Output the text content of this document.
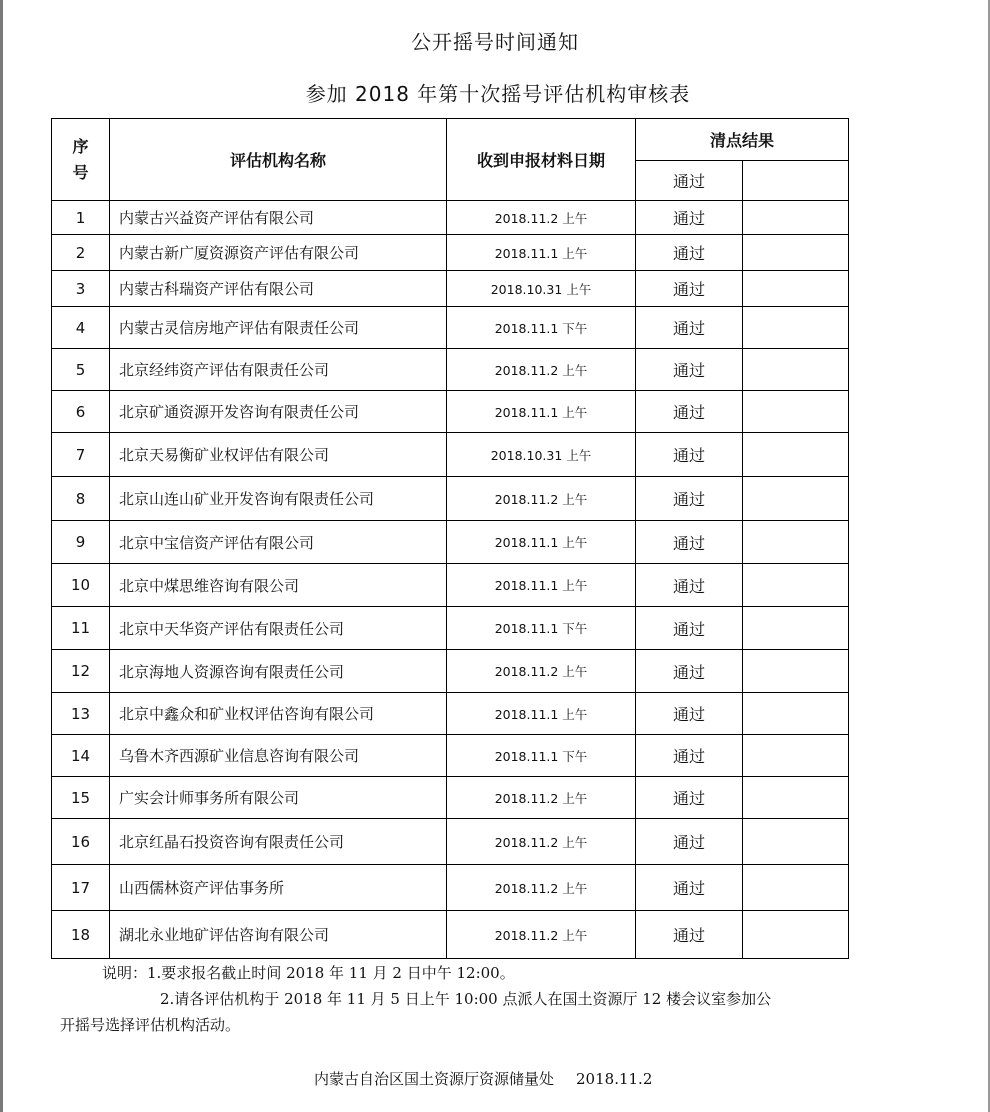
公开摇号时间通知
参加 2018 年第十次摇号评估机构审核表
序
号	评估机构名称	收到申报材料日期	清点结果	
			通过	
1	内蒙古兴益资产评估有限公司	2018.11.2 上午	通过	
2	内蒙古新广厦资源资产评估有限公司	2018.11.1 上午	通过	
3	内蒙古科瑞资产评估有限公司	2018.10.31 上午	通过	
4	内蒙古灵信房地产评估有限责任公司	2018.11.1 下午	通过	
5	北京经纬资产评估有限责任公司	2018.11.2 上午	通过	
6	北京矿通资源开发咨询有限责任公司	2018.11.1 上午	通过	
7	北京天易衡矿业权评估有限公司	2018.10.31 上午	通过	
8	北京山连山矿业开发咨询有限责任公司	2018.11.2 上午	通过	
9	北京中宝信资产评估有限公司	2018.11.1 上午	通过	
10	北京中煤思维咨询有限公司	2018.11.1 上午	通过	
11	北京中天华资产评估有限责任公司	2018.11.1 下午	通过	
12	北京海地人资源咨询有限责任公司	2018.11.2 上午	通过	
13	北京中鑫众和矿业权评估咨询有限公司	2018.11.1 上午	通过	
14	乌鲁木齐西源矿业信息咨询有限公司	2018.11.1 下午	通过	
15	广实会计师事务所有限公司	2018.11.2 上午	通过	
16	北京红晶石投资咨询有限责任公司	2018.11.2 上午	通过	
17	山西儒林资产评估事务所	2018.11.2 上午	通过	
18	湖北永业地矿评估咨询有限公司	2018.11.2 上午	通过	
说明：1.要求报名截止时间 2018 年 11 月 2 日中午 12:00。
2.请各评估机构于 2018 年 11 月 5 日上午 10:00 点派人在国土资源厅 12 楼会议室参加公
开摇号选择评估机构活动。
内蒙古自治区国土资源厅资源储量处 2018.11.2
